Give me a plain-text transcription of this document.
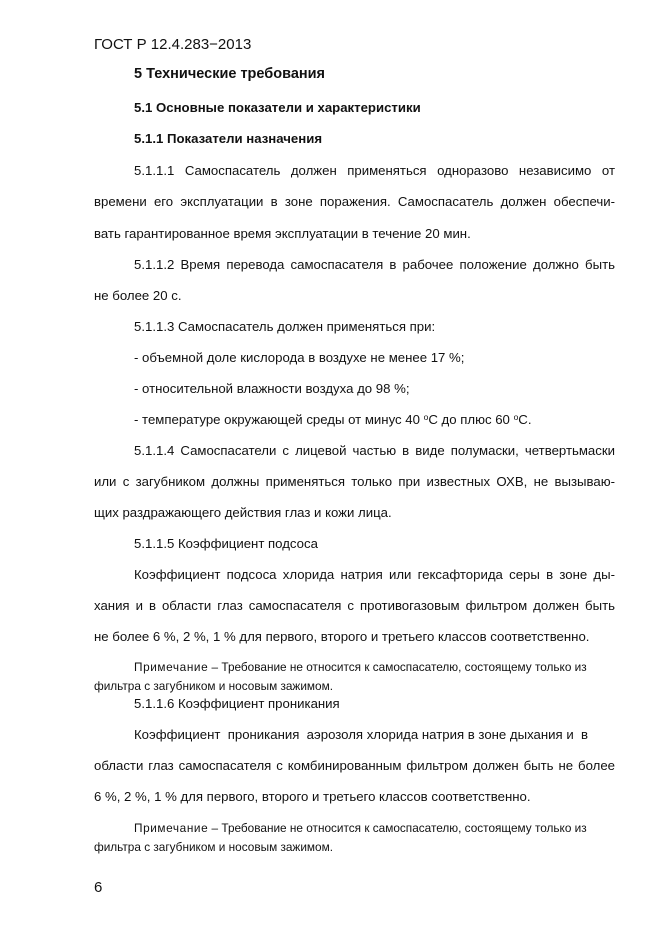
ГОСТ Р 12.4.283−2013
5 Технические требования
5.1 Основные показатели и характеристики
5.1.1 Показатели назначения
5.1.1.1 Самоспасатель должен применяться одноразово независимо от
времени его эксплуатации в зоне поражения. Самоспасатель должен обеспечи-
вать гарантированное время эксплуатации в течение 20 мин.
5.1.1.2 Время перевода самоспасателя в рабочее положение должно быть
не более 20 с.
5.1.1.3 Самоспасатель должен применяться при:
- объемной доле кислорода в воздухе не менее 17 %;
- относительной влажности воздуха до 98 %;
- температуре окружающей среды от минус 40 $^о$С до плюс 60 $^о$С.
5.1.1.4 Самоспасатели с лицевой частью в виде полумаски, четвертьмаски
или с загубником должны применяться только при известных ОХВ, не вызываю-
щих раздражающего действия глаз и кожи лица.
5.1.1.5 Коэффициент подсоса
Коэффициент подсоса хлорида натрия или гексафторида серы в зоне ды-
хания и в области глаз самоспасателя с противогазовым фильтром должен быть
не более 6 %, 2 %, 1 % для первого, второго и третьего классов соответственно.
Примечание – Требование не относится к самоспасателю, состоящему только из
фильтра с загубником и носовым зажимом.
5.1.1.6 Коэффициент проникания
Коэффициент  проникания  аэрозоля хлорида натрия в зоне дыхания и  в
области глаз самоспасателя с комбинированным фильтром должен быть не более
6 %, 2 %, 1 % для первого, второго и третьего классов соответственно.
Примечание – Требование не относится к самоспасателю, состоящему только из
фильтра с загубником и носовым зажимом.
6
